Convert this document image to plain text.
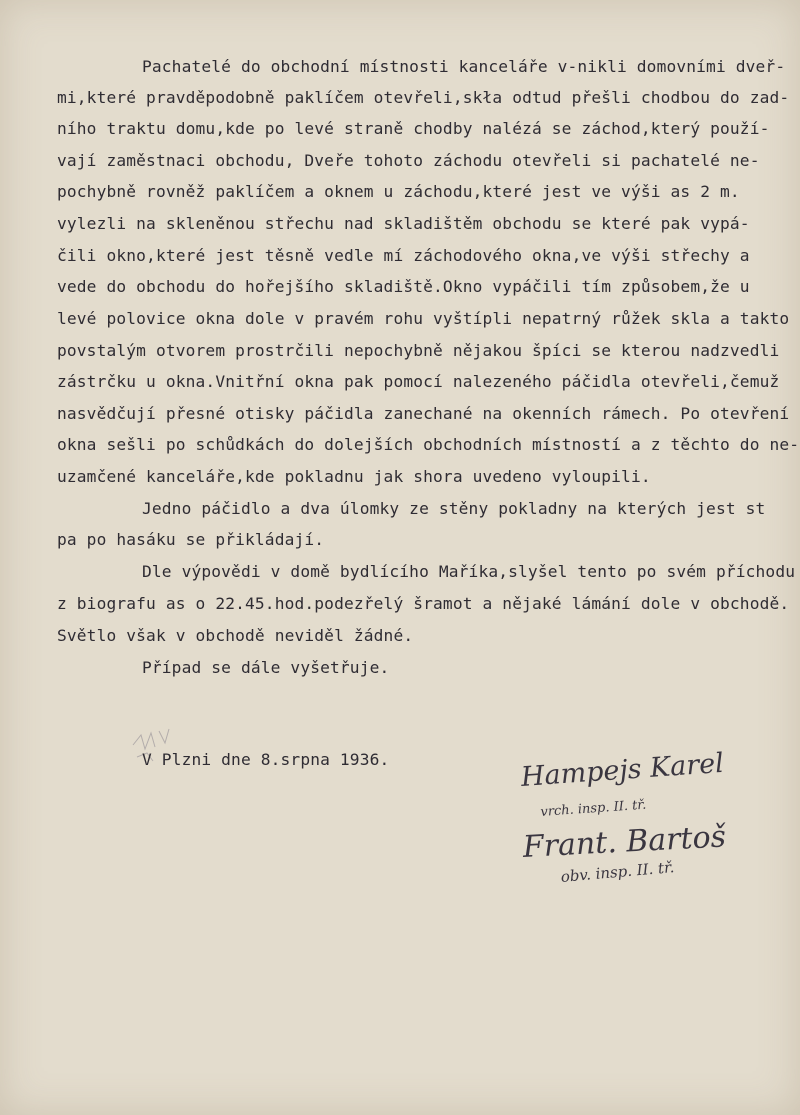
Pachatelé do obchodní místnosti kanceláře v-nikli domovními dveř-
mi,které pravděpodobně paklíčem otevřeli,skła odtud přešli chodbou do zad-
ního traktu domu,kde po levé straně chodby nalézá se záchod,který použí-
vají zaměstnaci obchodu, Dveře tohoto záchodu otevřeli si pachatelé ne-
pochybně rovněž paklíčem a oknem u záchodu,které jest ve výši as 2 m.
vylezli na skleněnou střechu nad skladištěm obchodu se které pak vypá-
čili okno,které jest těsně vedle mí záchodového okna,ve výši střechy a
vede do obchodu do hořejšího skladiště.Okno vypáčili tím způsobem,že u
levé polovice okna dole v pravém rohu vyštípli nepatrný růžek skla a takto
povstalým otvorem prostrčili nepochybně nějakou špíci se kterou nadzvedli
zástrčku u okna.Vnitřní okna pak pomocí nalezeného páčidla otevřeli,čemuž
nasvědčují přesné otisky páčidla zanechané na okenních rámech. Po otevření
okna sešli po schůdkách do dolejších obchodních místností a z těchto do ne-
uzamčené kanceláře,kde pokladnu jak shora uvedeno vyloupili.
Jedno páčidlo a dva úlomky ze stěny pokladny na kterých jest st
pa po hasáku se přikládají.
Dle výpovědi v domě bydlícího Maříka,slyšel tento po svém příchodu
z biografu as o 22.45.hod.podezřelý šramot a nějaké lámání dole v obchodě.
Světlo však v obchodě neviděl žádné.
Případ se dále vyšetřuje.
V Plzni dne 8.srpna 1936.	Hampejs Karel
vrch. insp. II. tř.
Frant. Bartoš
obv. insp. II. tř.
